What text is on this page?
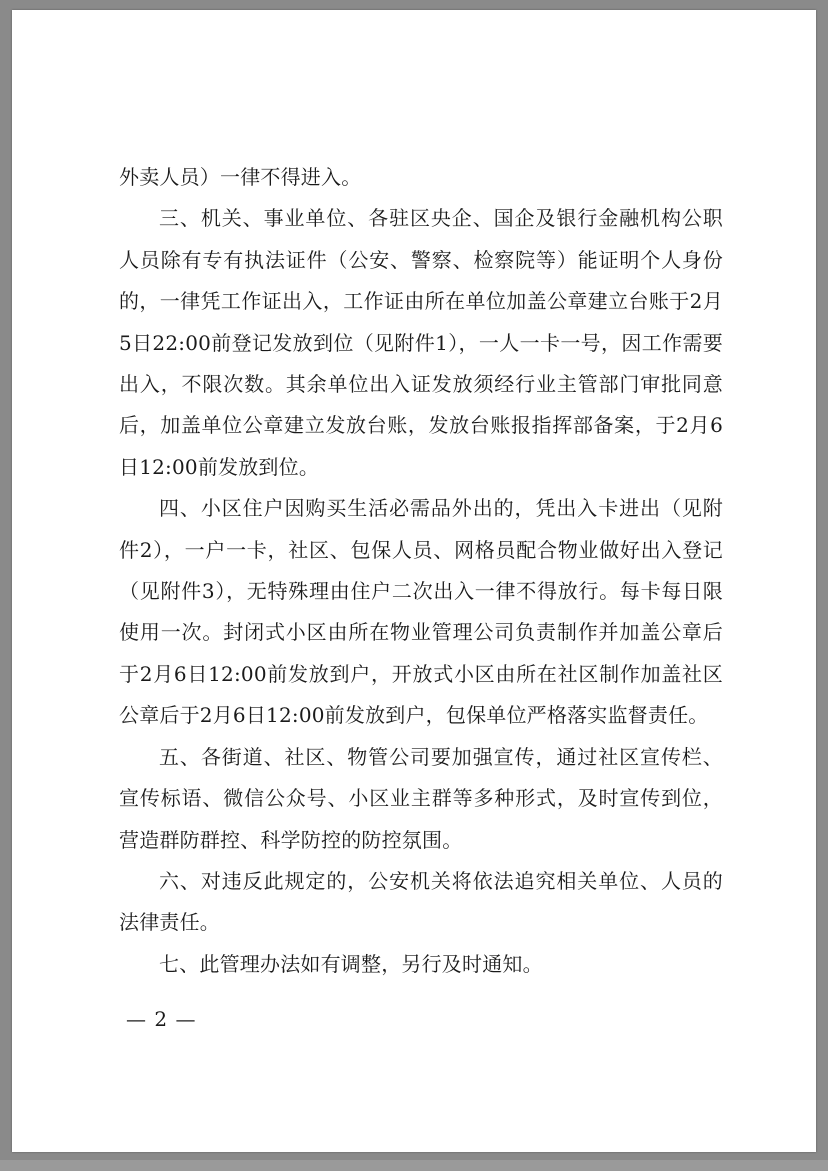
外卖人员）一律不得进入。

三、机关、事业单位、各驻区央企、国企及银行金融机构公职人员除有专有执法证件（公安、警察、检察院等）能证明个人身份的，一律凭工作证出入，工作证由所在单位加盖公章建立台账于2月5日22:00前登记发放到位（见附件1），一人一卡一号，因工作需要出入，不限次数。其余单位出入证发放须经行业主管部门审批同意后，加盖单位公章建立发放台账，发放台账报指挥部备案，于2月6日12:00前发放到位。

四、小区住户因购买生活必需品外出的，凭出入卡进出（见附件2），一户一卡，社区、包保人员、网格员配合物业做好出入登记（见附件3），无特殊理由住户二次出入一律不得放行。每卡每日限使用一次。封闭式小区由所在物业管理公司负责制作并加盖公章后于2月6日12:00前发放到户，开放式小区由所在社区制作加盖社区公章后于2月6日12:00前发放到户，包保单位严格落实监督责任。

五、各街道、社区、物管公司要加强宣传，通过社区宣传栏、宣传标语、微信公众号、小区业主群等多种形式，及时宣传到位，营造群防群控、科学防控的防控氛围。

六、对违反此规定的，公安机关将依法追究相关单位、人员的法律责任。

七、此管理办法如有调整，另行及时通知。

— 2 —
